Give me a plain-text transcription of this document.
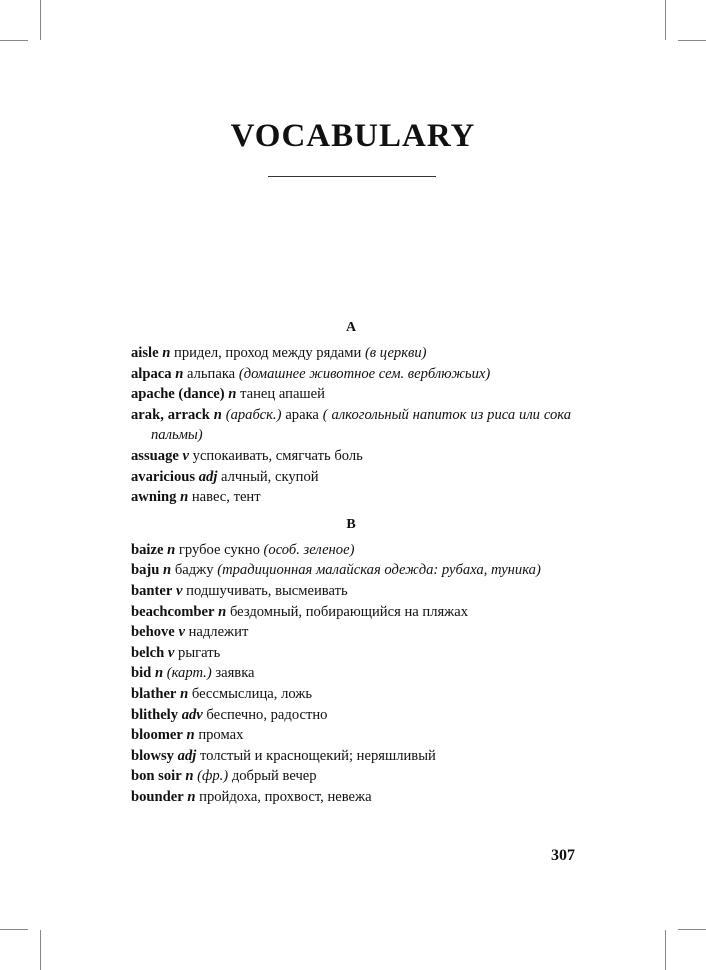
VOCABULARY
A

aisle n придел, проход между рядами (в церкви)

alpaca n альпака (домашнее животное сем. верблюжьих)

apache (dance) n танец апашей

arak, arrack n (арабск.) арака ( алкогольный напиток из риса или сока пальмы)

assuage v успокаивать, смягчать боль

avaricious adj алчный, скупой

awning n навес, тент

B

baize n грубое сукно (особ. зеленое)

baju n баджу (традиционная малайская одежда: рубаха, туника)

banter v подшучивать, высмеивать

beachcomber n бездомный, побирающийся на пляжах

behove v надлежит

belch v рыгать

bid n (карт.) заявка

blather n бессмыслица, ложь

blithely adv беспечно, радостно

bloomer n промах

blowsy adj толстый и краснощекий; неряшливый

bon soir n (фр.) добрый вечер

bounder n пройдоха, прохвост, невежа

307
